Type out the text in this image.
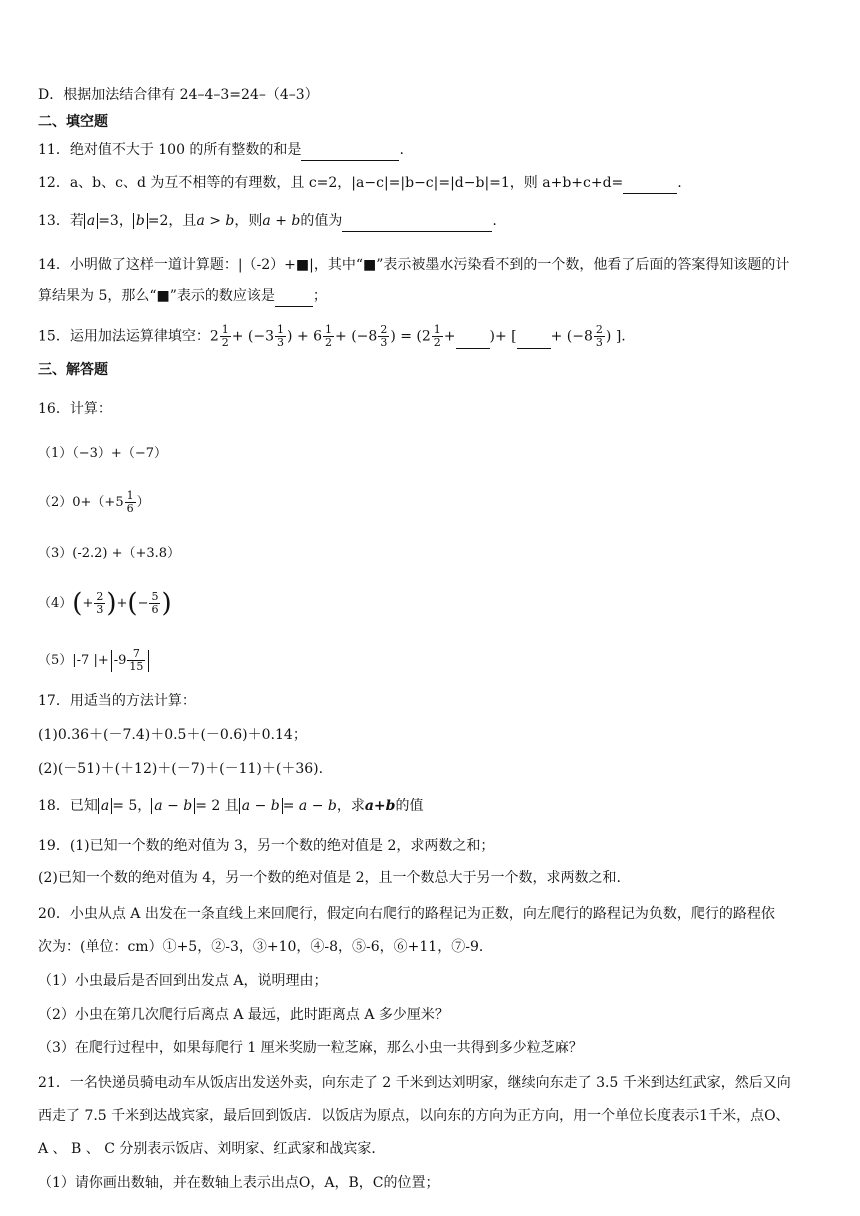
D．根据加法结合律有 24–4–3=24–（4–3）
二、填空题
11．绝对值不大于 100 的所有整数的和是	.
12．a、b、c、d 为互不相等的有理数，且 c=2，|a−c|=|b−c|=|d−b|=1，则 a+b+c+d=	.
13．若 a =3， b =2，且a > b，则a + b的值为	.
14．小明做了这样一道计算题：|（-2）+■|，其中“■”表示被墨水污染看不到的一个数，他看了后面的答案得知该题的计
算结果为 5，那么“■”表示的数应该是	；
15．运用加法运算律填空：$2 \frac{1}{2} + (-3 \frac{1}{3}$ ) + $6 \frac{1}{2} + (-8 \frac{2}{3}$ ) = ($2 \frac{1}{2}$ + )+ [ + ($-8 \frac{2}{3}$ ) ].
三、解答题
16．计算：
（1）（−3）+（−7）
$(2)0+(+5 \frac{1}{6}$ ）
（3）(-2.2) +（+3.8）
$(4)(+ \frac{2}{3}$ )+(− $\frac{5}{6}$ )
（5）|-7 |+ $-9 \frac{7}{15}$
17．用适当的方法计算：
(1)0.36＋(－7.4)＋0.5＋(－0.6)＋0.14；
(2)(－51)＋(＋12)＋(－7)＋(－11)＋(＋36).
18．已知 a = 5， a − b = 2 且 a − b = a − b，求a+b的值
19．(1)已知一个数的绝对值为 3，另一个数的绝对值是 2，求两数之和；
(2)已知一个数的绝对值为 4，另一个数的绝对值是 2，且一个数总大于另一个数，求两数之和.
20．小虫从点 A 出发在一条直线上来回爬行，假定向右爬行的路程记为正数，向左爬行的路程记为负数，爬行的路程依
次为：(单位：cm）①+5，②-3，③+10，④-8，⑤-6，⑥+11，⑦-9．
（1）小虫最后是否回到出发点 A，说明理由；
（2）小虫在第几次爬行后离点 A 最远，此时距离点 A 多少厘米？
（3）在爬行过程中，如果每爬行 1 厘米奖励一粒芝麻，那么小虫一共得到多少粒芝麻？
21．一名快递员骑电动车从饭店出发送外卖，向东走了 2 千米到达刘明家，继续向东走了 3.5 千米到达红武家，然后又向
西走了 7.5 千米到达战宾家，最后回到饭店．以饭店为原点，以向东的方向为正方向，用一个单位长度表示1千米，点O、
A 、 B 、 C 分别表示饭店、刘明家、红武家和战宾家．
（1）请你画出数轴，并在数轴上表示出点O，A，B，C的位置；
